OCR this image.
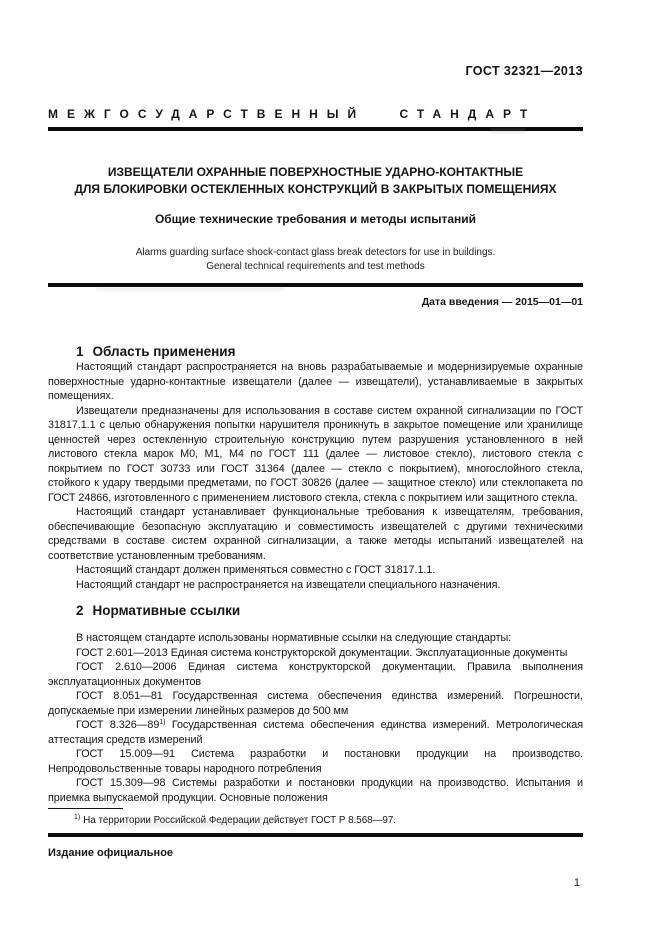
ГОСТ 32321—2013
МЕЖГОСУДАРСТВЕННЫЙ СТАНДАРТ
ИЗВЕЩАТЕЛИ ОХРАННЫЕ ПОВЕРХНОСТНЫЕ УДАРНО-КОНТАКТНЫЕ
ДЛЯ БЛОКИРОВКИ ОСТЕКЛЕННЫХ КОНСТРУКЦИЙ В ЗАКРЫТЫХ ПОМЕЩЕНИЯХ
Общие технические требования и методы испытаний
Alarms guarding surface shock-contact glass break detectors for use in buildings.
General technical requirements and test methods
Дата введения — 2015—01—01
1 Область применения

Настоящий стандарт распространяется на вновь разрабатываемые и модернизируемые охранные поверхностные ударно-контактные извещатели (далее — извещатели), устанавливаемые в закрытых помещениях.

Извещатели предназначены для использования в составе систем охранной сигнализации по ГОСТ 31817.1.1 с целью обнаружения попытки нарушителя проникнуть в закрытое помещение или хранилище ценностей через остекленную строительную конструкцию путем разрушения установленного в ней листового стекла марок М0, М1, М4 по ГОСТ 111 (далее — листовое стекло), листового стекла с покрытием по ГОСТ 30733 или ГОСТ 31364 (далее — стекло с покрытием), многослойного стекла, стойкого к удару твердыми предметами, по ГОСТ 30826 (далее — защитное стекло) или стеклопакета по ГОСТ 24866, изготовленного с применением листового стекла, стекла с покрытием или защитного стекла.

Настоящий стандарт устанавливает функциональные требования к извещателям, требования, обеспечивающие безопасную эксплуатацию и совместимость извещателей с другими техническими средствами в составе систем охранной сигнализации, а также методы испытаний извещателей на соответствие установленным требованиям.

Настоящий стандарт должен применяться совместно с ГОСТ 31817.1.1.

Настоящий стандарт не распространяется на извещатели специального назначения.

2 Нормативные ссылки

В настоящем стандарте использованы нормативные ссылки на следующие стандарты:

ГОСТ 2.601—2013 Единая система конструкторской документации. Эксплуатационные документы

ГОСТ 2.610—2006 Единая система конструкторской документации. Правила выполнения эксплуатационных документов

ГОСТ 8.051—81 Государственная система обеспечения единства измерений. Погрешности, допускаемые при измерении линейных размеров до 500 мм

ГОСТ 8.326—89$^{1)}$ Государственная система обеспечения единства измерений. Метрологическая аттестация средств измерений

ГОСТ 15.009—91 Система разработки и постановки продукции на производство. Непродовольственные товары народного потребления

ГОСТ 15.309—98 Системы разработки и постановки продукции на производство. Испытания и приемка выпускаемой продукции. Основные положения

$^{1)}$ На территории Российской Федерации действует ГОСТ Р 8.568—97.

Издание официальное
1
